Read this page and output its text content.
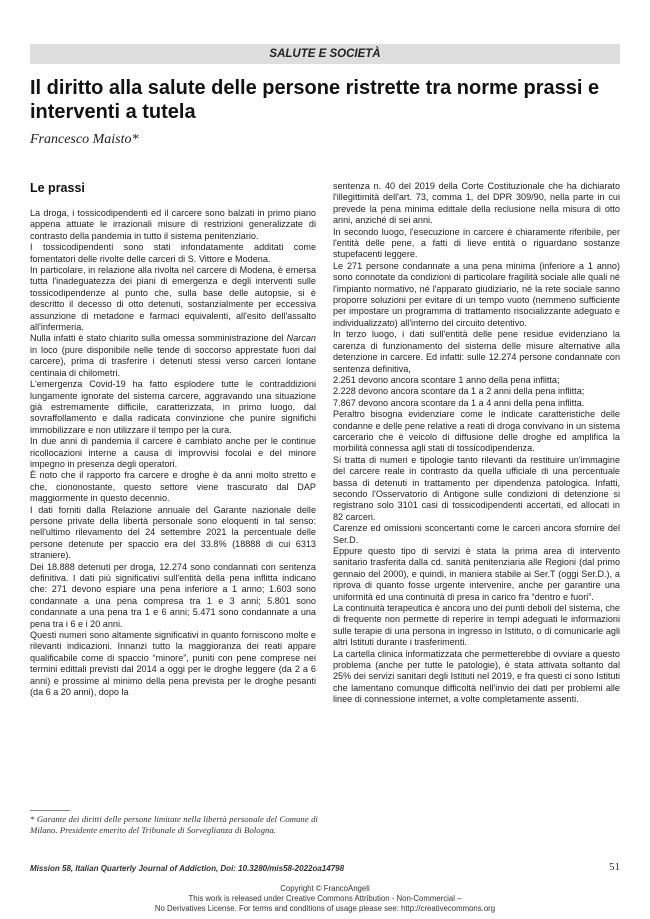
SALUTE E SOCIETÀ
Il diritto alla salute delle persone ristrette tra norme prassi e interventi a tutela
Francesco Maisto*
Le prassi

La droga, i tossicodipendenti ed il carcere sono balzati in primo piano appena attuate le irrazionali misure di restrizioni generalizzate di contrasto della pandemia in tutto il sistema penitenziario.

I tossicodipendenti sono stati infondatamente additati come fomentatori delle rivolte delle carceri di S. Vittore e Modena.

In particolare, in relazione alla rivolta nel carcere di Modena, è emersa tutta l'inadeguatezza dei piani di emergenza e degli interventi sulle tossicodipendenze al punto che, sulla base delle autopsie, si è descritto il decesso di otto detenuti, sostanzialmente per eccessiva assunzione di metadone e farmaci equivalenti, all'esito dell'assalto all'infermeria.

Nulla infatti è stato chiarito sulla omessa somministrazione del Narcan in loco (pure disponibile nelle tende di soccorso apprestate fuori dal carcere), prima di trasferire i detenuti stessi verso carceri lontane centinaia di chilometri.

L'emergenza Covid-19 ha fatto esplodere tutte le contraddizioni lungamente ignorate del sistema carcere, aggravando una situazione già estremamente difficile, caratterizzata, in primo luogo, dal sovraffollamento e dalla radicata convinzione che punire significhi immobilizzare e non utilizzare il tempo per la cura.

In due anni di pandemia il carcere è cambiato anche per le continue ricollocazioni interne a causa di improvvisi focolai e del minore impegno in presenza degli operatori.

È noto che il rapporto fra carcere e droghe è da anni molto stretto e che, ciononostante, questo settore viene trascurato dal DAP maggiormente in questo decennio.

I dati forniti dalla Relazione annuale del Garante nazionale delle persone private della libertà personale sono eloquenti in tal senso: nell'ultimo rilevamento del 24 settembre 2021 la percentuale delle persone detenute per spaccio era del 33.8% (18888 di cui 6313 straniere).

Dei 18.888 detenuti per droga, 12.274 sono condannati con sentenza definitiva. I dati più significativi sull'entità della pena inflitta indicano che: 271 devono espiare una pena inferiore a 1 anno; 1.603 sono condannate a una pena compresa tra 1 e 3 anni; 5.801 sono condannate a una pena tra 1 e 6 anni; 5.471 sono condannate a una pena tra i 6 e i 20 anni.

Questi numeri sono altamente significativi in quanto forniscono molte e rilevanti indicazioni. Innanzi tutto la maggioranza dei reati appare qualificabile come di spaccio “minore”, puniti con pene comprese nei termini edittali previsti dal 2014 a oggi per le droghe leggere (da 2 a 6 anni) e prossime al minimo della pena prevista per le droghe pesanti (da 6 a 20 anni), dopo la

sentenza n. 40 del 2019 della Corte Costituzionale che ha dichiarato l'illegittimità dell'art. 73, comma 1, del DPR 309/90, nella parte in cui prevede la pena minima edittale della reclusione nella misura di otto anni, anziché di sei anni.

In secondo luogo, l'esecuzione in carcere è chiaramente riferibile, per l'entità delle pene, a fatti di lieve entità o riguardano sostanze stupefacenti leggere.

Le 271 persone condannate a una pena minima (inferiore a 1 anno) sono connotate da condizioni di particolare fragilità sociale alle quali né l'impianto normativo, né l'apparato giudiziario, né la rete sociale sanno proporre soluzioni per evitare di un tempo vuoto (nemmeno sufficiente per impostare un programma di trattamento risocializzante adeguato e individualizzato) all'interno del circuito detentivo.

In terzo luogo, i dati sull'entità delle pene residue evidenziano la carenza di funzionamento del sistema delle misure alternative alla detenzione in carcere. Ed infatti: sulle 12.274 persone condannate con sentenza definitiva,

2.251 devono ancora scontare 1 anno della pena inflitta;

2.228 devono ancora scontare da 1 a 2 anni della pena inflitta;

7.867 devono ancora scontare da 1 a 4 anni della pena inflitta.

Peraltro bisogna evidenziare come le indicate caratteristiche delle condanne e delle pene relative a reati di droga convivano in un sistema carcerario che è veicolo di diffusione delle droghe ed amplifica la morbilità connessa agli stati di tossicodipendenza.

Si tratta di numeri e tipologie tanto rilevanti da restituire un'immagine del carcere reale in contrasto da quella ufficiale di una percentuale bassa di detenuti in trattamento per dipendenza patologica. Infatti, secondo l'Osservatorio di Antigone sulle condizioni di detenzione si registrano solo 3101 casi di tossicodipendenti accertati, ed allocati in 82 carceri.

Carenze ed omissioni sconcertanti come le carceri ancora sfornire del Ser.D.

Eppure questo tipo di servizi è stata la prima area di intervento sanitario trasferita dalla cd. sanità penitenziaria alle Regioni (dal primo gennaio del 2000), e quindi, in maniera stabile ai Ser.T (oggi Ser.D.), a riprova di quanto fosse urgente intervenire, anche per garantire una uniformità ed una continuità di presa in carico fra “dentro e fuori”.

La continuità terapeutica è ancora uno dei punti deboli del sistema, che di frequente non permette di reperire in tempi adeguati le informazioni sulle terapie di una persona in ingresso in Istituto, o di comunicarle agli altri Istituti durante i trasferimenti.

La cartella clinica informatizzata che permetterebbe di ovviare a questo problema (anche per tutte le patologie), è stata attivata soltanto dal 25% dei servizi sanitari degli Istituti nel 2019, e fra questi ci sono Istituti che lamentano comunque difficoltà nell'invio dei dati per problemi alle linee di connessione internet, a volte completamente assenti.

* Garante dei diritti delle persone limitate nella libertà personale del Comune di Milano. Presidente emerito del Tribunale di Sorveglianza di Bologna.
Mission 58, Italian Quarterly Journal of Addiction, Doi: 10.3280/mis58-2022oa14798	51
Copyright © FrancoAngeli
This work is released under Creative Commons Attribution - Non-Commercial –
No Derivatives License. For terms and conditions of usage please see: http://creativecommons.org
